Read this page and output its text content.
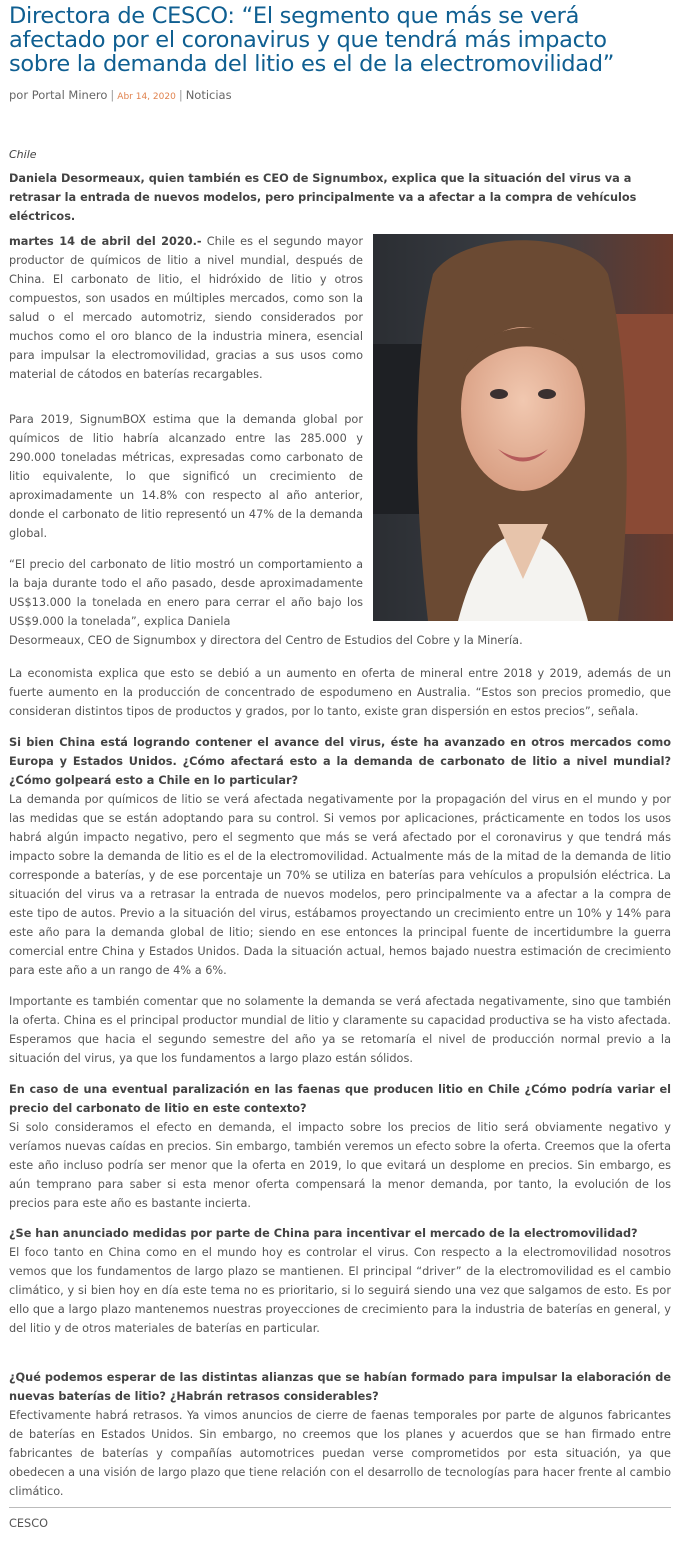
Directora de CESCO: “El segmento que más se verá
afectado por el coronavirus y que tendrá más impacto
sobre la demanda del litio es el de la electromovilidad”
por Portal Minero | Abr 14, 2020 | Noticias
Chile

Daniela Desormeaux, quien también es CEO de Signumbox, explica que la situación del virus va a retrasar la entrada de nuevos modelos, pero principalmente va a afectar a la compra de vehículos eléctricos.

martes 14 de abril del 2020.- Chile es el segundo mayor productor de químicos de litio a nivel mundial, después de China. El carbonato de litio, el hidróxido de litio y otros compuestos, son usados en múltiples mercados, como son la salud o el mercado automotriz, siendo considerados por muchos como el oro blanco de la industria minera, esencial para impulsar la electromovilidad, gracias a sus usos como material de cátodos en baterías recargables.

Para 2019, SignumBOX estima que la demanda global por químicos de litio habría alcanzado entre las 285.000 y 290.000 toneladas métricas, expresadas como carbonato de litio equivalente, lo que significó un crecimiento de aproximadamente un 14.8% con respecto al año anterior, donde el carbonato de litio representó un 47% de la demanda global.

“El precio del carbonato de litio mostró un comportamiento a la baja durante todo el año pasado, desde aproximadamente US$13.000 la tonelada en enero para cerrar el año bajo los US$9.000 la tonelada”, explica Daniela
Desormeaux, CEO de Signumbox y directora del Centro de Estudios del Cobre y la Minería.

La economista explica que esto se debió a un aumento en oferta de mineral entre 2018 y 2019, además de un fuerte aumento en la producción de concentrado de espodumeno en Australia. “Estos son precios promedio, que consideran distintos tipos de productos y grados, por lo tanto, existe gran dispersión en estos precios”, señala.

Si bien China está logrando contener el avance del virus, éste ha avanzado en otros mercados como Europa y Estados Unidos. ¿Cómo afectará esto a la demanda de carbonato de litio a nivel mundial? ¿Cómo golpeará esto a Chile en lo particular?
La demanda por químicos de litio se verá afectada negativamente por la propagación del virus en el mundo y por las medidas que se están adoptando para su control. Si vemos por aplicaciones, prácticamente en todos los usos habrá algún impacto negativo, pero el segmento que más se verá afectado por el coronavirus y que tendrá más impacto sobre la demanda de litio es el de la electromovilidad. Actualmente más de la mitad de la demanda de litio corresponde a baterías, y de ese porcentaje un 70% se utiliza en baterías para vehículos a propulsión eléctrica. La situación del virus va a retrasar la entrada de nuevos modelos, pero principalmente va a afectar a la compra de este tipo de autos. Previo a la situación del virus, estábamos proyectando un crecimiento entre un 10% y 14% para este año para la demanda global de litio; siendo en ese entonces la principal fuente de incertidumbre la guerra comercial entre China y Estados Unidos. Dada la situación actual, hemos bajado nuestra estimación de crecimiento para este año a un rango de 4% a 6%.

Importante es también comentar que no solamente la demanda se verá afectada negativamente, sino que también la oferta. China es el principal productor mundial de litio y claramente su capacidad productiva se ha visto afectada. Esperamos que hacia el segundo semestre del año ya se retomaría el nivel de producción normal previo a la situación del virus, ya que los fundamentos a largo plazo están sólidos.

En caso de una eventual paralización en las faenas que producen litio en Chile ¿Cómo podría variar el precio del carbonato de litio en este contexto?
Si solo consideramos el efecto en demanda, el impacto sobre los precios de litio será obviamente negativo y veríamos nuevas caídas en precios. Sin embargo, también veremos un efecto sobre la oferta. Creemos que la oferta este año incluso podría ser menor que la oferta en 2019, lo que evitará un desplome en precios. Sin embargo, es aún temprano para saber si esta menor oferta compensará la menor demanda, por tanto, la evolución de los precios para este año es bastante incierta.
¿Se han anunciado medidas por parte de China para incentivar el mercado de la electromovilidad?
El foco tanto en China como en el mundo hoy es controlar el virus. Con respecto a la electromovilidad nosotros vemos que los fundamentos de largo plazo se mantienen. El principal “driver” de la electromovilidad es el cambio climático, y si bien hoy en día este tema no es prioritario, si lo seguirá siendo una vez que salgamos de esto. Es por ello que a largo plazo mantenemos nuestras proyecciones de crecimiento para la industria de baterías en general, y del litio y de otros materiales de baterías en particular.
¿Qué podemos esperar de las distintas alianzas que se habían formado para impulsar la elaboración de nuevas baterías de litio? ¿Habrán retrasos considerables?
Efectivamente habrá retrasos. Ya vimos anuncios de cierre de faenas temporales por parte de algunos fabricantes de baterías en Estados Unidos. Sin embargo, no creemos que los planes y acuerdos que se han firmado entre fabricantes de baterías y compañías automotrices puedan verse comprometidos por esta situación, ya que obedecen a una visión de largo plazo que tiene relación con el desarrollo de tecnologías para hacer frente al cambio climático.
CESCO
